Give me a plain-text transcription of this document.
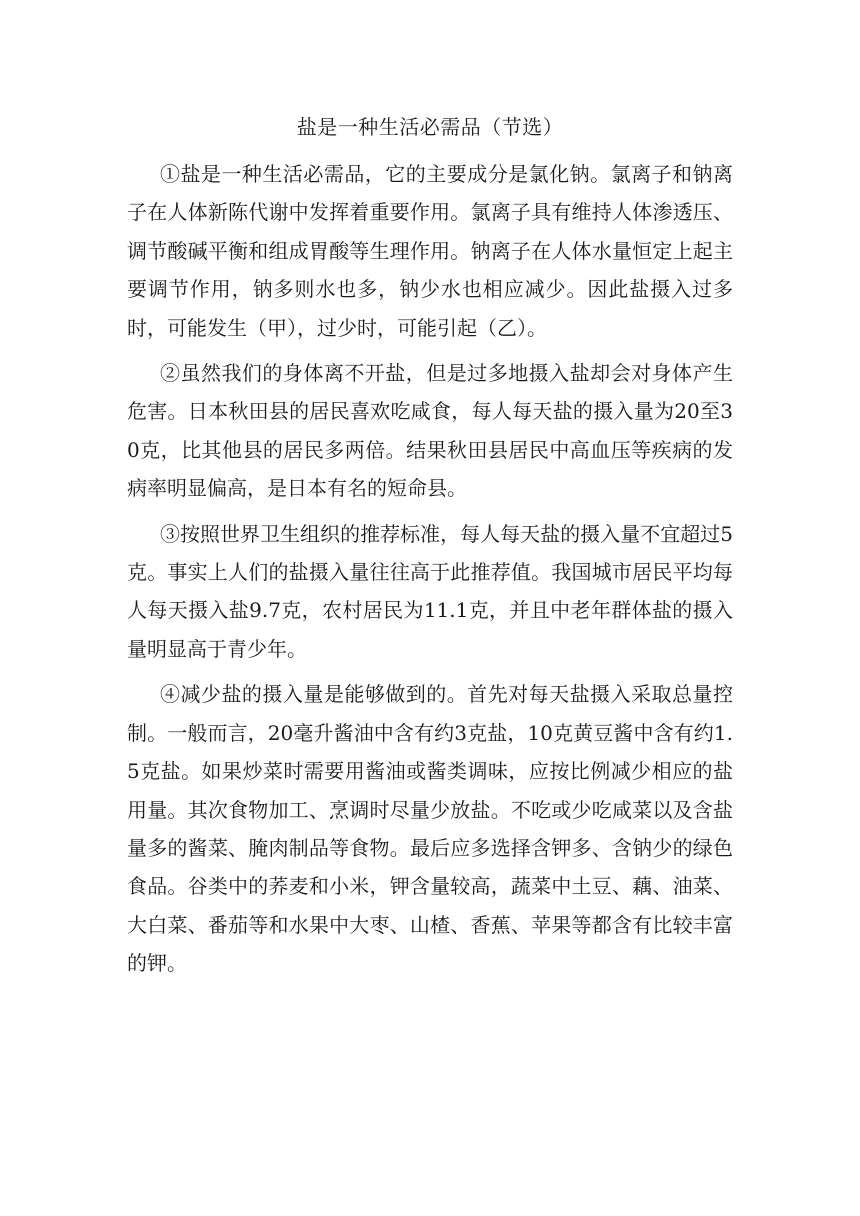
盐是一种生活必需品（节选）

①盐是一种生活必需品，它的主要成分是氯化钠。氯离子和钠离子在人体新陈代谢中发挥着重要作用。氯离子具有维持人体渗透压、调节酸碱平衡和组成胃酸等生理作用。钠离子在人体水量恒定上起主要调节作用，钠多则水也多，钠少水也相应减少。因此盐摄入过多时，可能发生（甲），过少时，可能引起（乙）。

②虽然我们的身体离不开盐，但是过多地摄入盐却会对身体产生危害。日本秋田县的居民喜欢吃咸食，每人每天盐的摄入量为20至30克，比其他县的居民多两倍。结果秋田县居民中高血压等疾病的发病率明显偏高，是日本有名的短命县。

③按照世界卫生组织的推荐标准，每人每天盐的摄入量不宜超过5克。事实上人们的盐摄入量往往高于此推荐值。我国城市居民平均每人每天摄入盐9.7克，农村居民为11.1克，并且中老年群体盐的摄入量明显高于青少年。

④减少盐的摄入量是能够做到的。首先对每天盐摄入采取总量控制。一般而言，20毫升酱油中含有约3克盐，10克黄豆酱中含有约1.5克盐。如果炒菜时需要用酱油或酱类调味，应按比例减少相应的盐用量。其次食物加工、烹调时尽量少放盐。不吃或少吃咸菜以及含盐量多的酱菜、腌肉制品等食物。最后应多选择含钾多、含钠少的绿色食品。谷类中的荞麦和小米，钾含量较高，蔬菜中土豆、藕、油菜、大白菜、番茄等和水果中大枣、山楂、香蕉、苹果等都含有比较丰富的钾。
